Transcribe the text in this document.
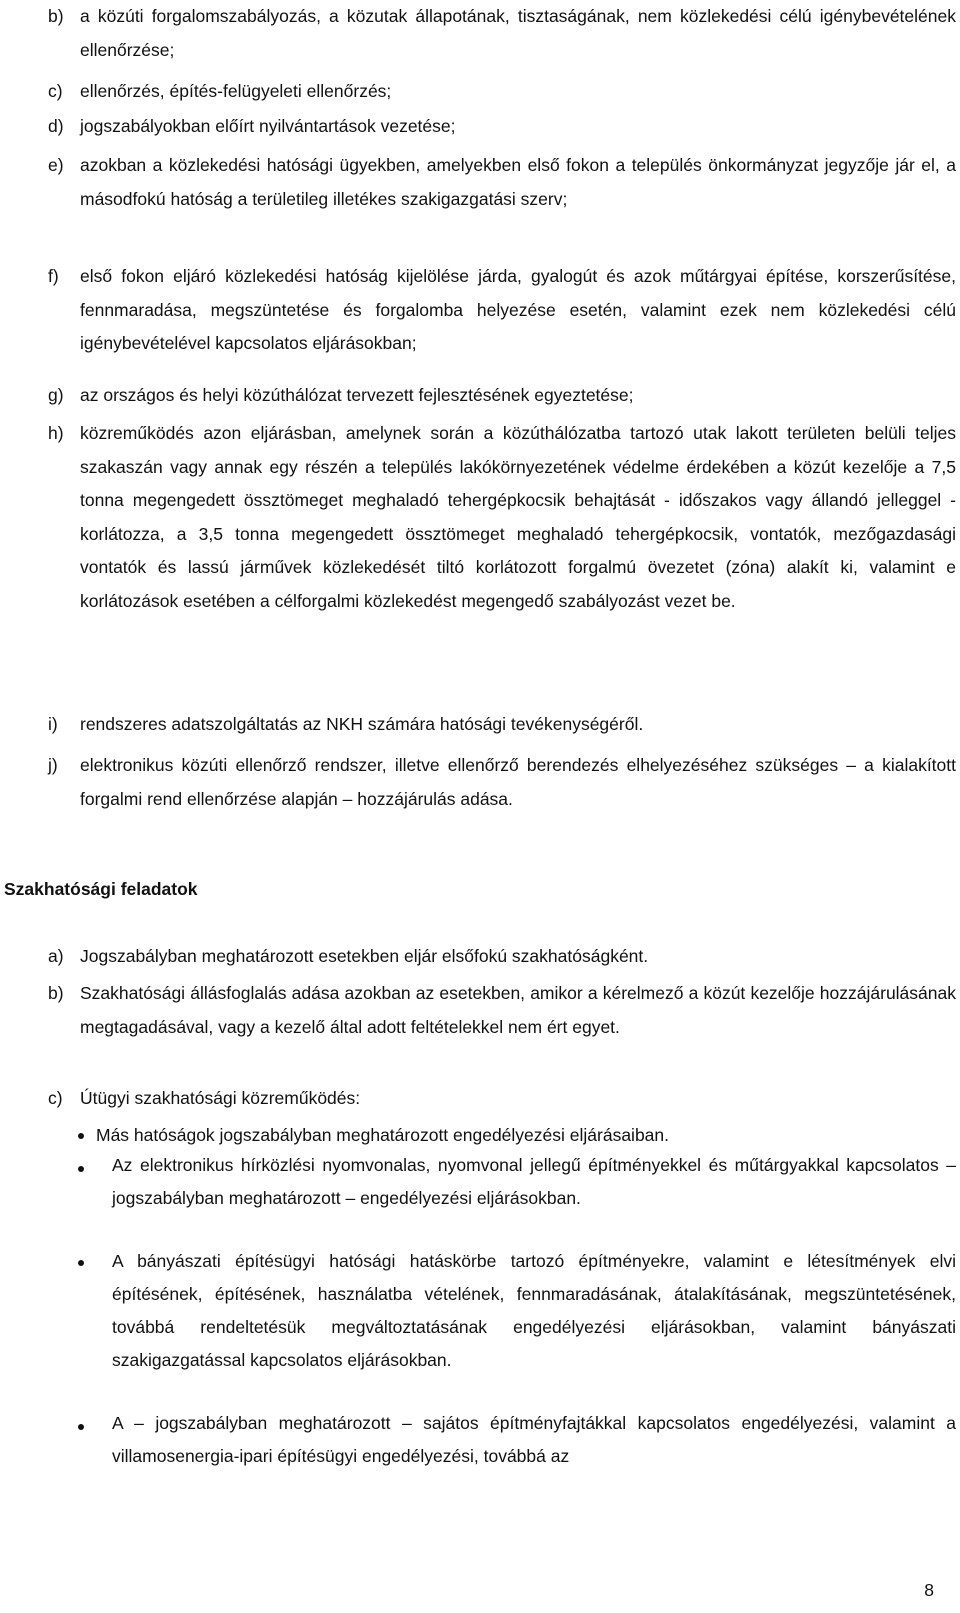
b) a közúti forgalomszabályozás, a közutak állapotának, tisztaságának, nem közlekedési célú igénybevételének ellenőrzése;
c) ellenőrzés, építés-felügyeleti ellenőrzés;
d) jogszabályokban előírt nyilvántartások vezetése;
e) azokban a közlekedési hatósági ügyekben, amelyekben első fokon a település önkormányzat jegyzője jár el, a másodfokú hatóság a területileg illetékes szakigazgatási szerv;
f) első fokon eljáró közlekedési hatóság kijelölése járda, gyalogút és azok műtárgyai építése, korszerűsítése, fennmaradása, megszüntetése és forgalomba helyezése esetén, valamint ezek nem közlekedési célú igénybevételével kapcsolatos eljárásokban;
g) az országos és helyi közúthálózat tervezett fejlesztésének egyeztetése;
h) közreműködés azon eljárásban, amelynek során a közúthálózatba tartozó utak lakott területen belüli teljes szakaszán vagy annak egy részén a település lakókörnyezetének védelme érdekében a közút kezelője a 7,5 tonna megengedett össztömeget meghaladó tehergépkocsik behajtását - időszakos vagy állandó jelleggel - korlátozza, a 3,5 tonna megengedett össztömeget meghaladó tehergépkocsik, vontatók, mezőgazdasági vontatók és lassú járművek közlekedését tiltó korlátozott forgalmú övezetet (zóna) alakít ki, valamint e korlátozások esetében a célforgalmi közlekedést megengedő szabályozást vezet be.
i) rendszeres adatszolgáltatás az NKH számára hatósági tevékenységéről.
j) elektronikus közúti ellenőrző rendszer, illetve ellenőrző berendezés elhelyezéséhez szükséges – a kialakított forgalmi rend ellenőrzése alapján – hozzájárulás adása.
Szakhatósági feladatok
a) Jogszabályban meghatározott esetekben eljár elsőfokú szakhatóságként.
b) Szakhatósági állásfoglalás adása azokban az esetekben, amikor a kérelmező a közút kezelője hozzájárulásának megtagadásával, vagy a kezelő által adott feltételekkel nem ért egyet.
c) Útügyi szakhatósági közreműködés:
Más hatóságok jogszabályban meghatározott engedélyezési eljárásaiban.
Az elektronikus hírközlési nyomvonalas, nyomvonal jellegű építményekkel és műtárgyakkal kapcsolatos – jogszabályban meghatározott – engedélyezési eljárásokban.
A bányászati építésügyi hatósági hatáskörbe tartozó építményekre, valamint e létesítmények elvi építésének, építésének, használatba vételének, fennmaradásának, átalakításának, megszüntetésének, továbbá rendeltetésük megváltoztatásának engedélyezési eljárásokban, valamint bányászati szakigazgatással kapcsolatos eljárásokban.
A – jogszabályban meghatározott – sajátos építményfajtákkal kapcsolatos engedélyezési, valamint a villamosenergia-ipari építésügyi engedélyezési, továbbá az
8
